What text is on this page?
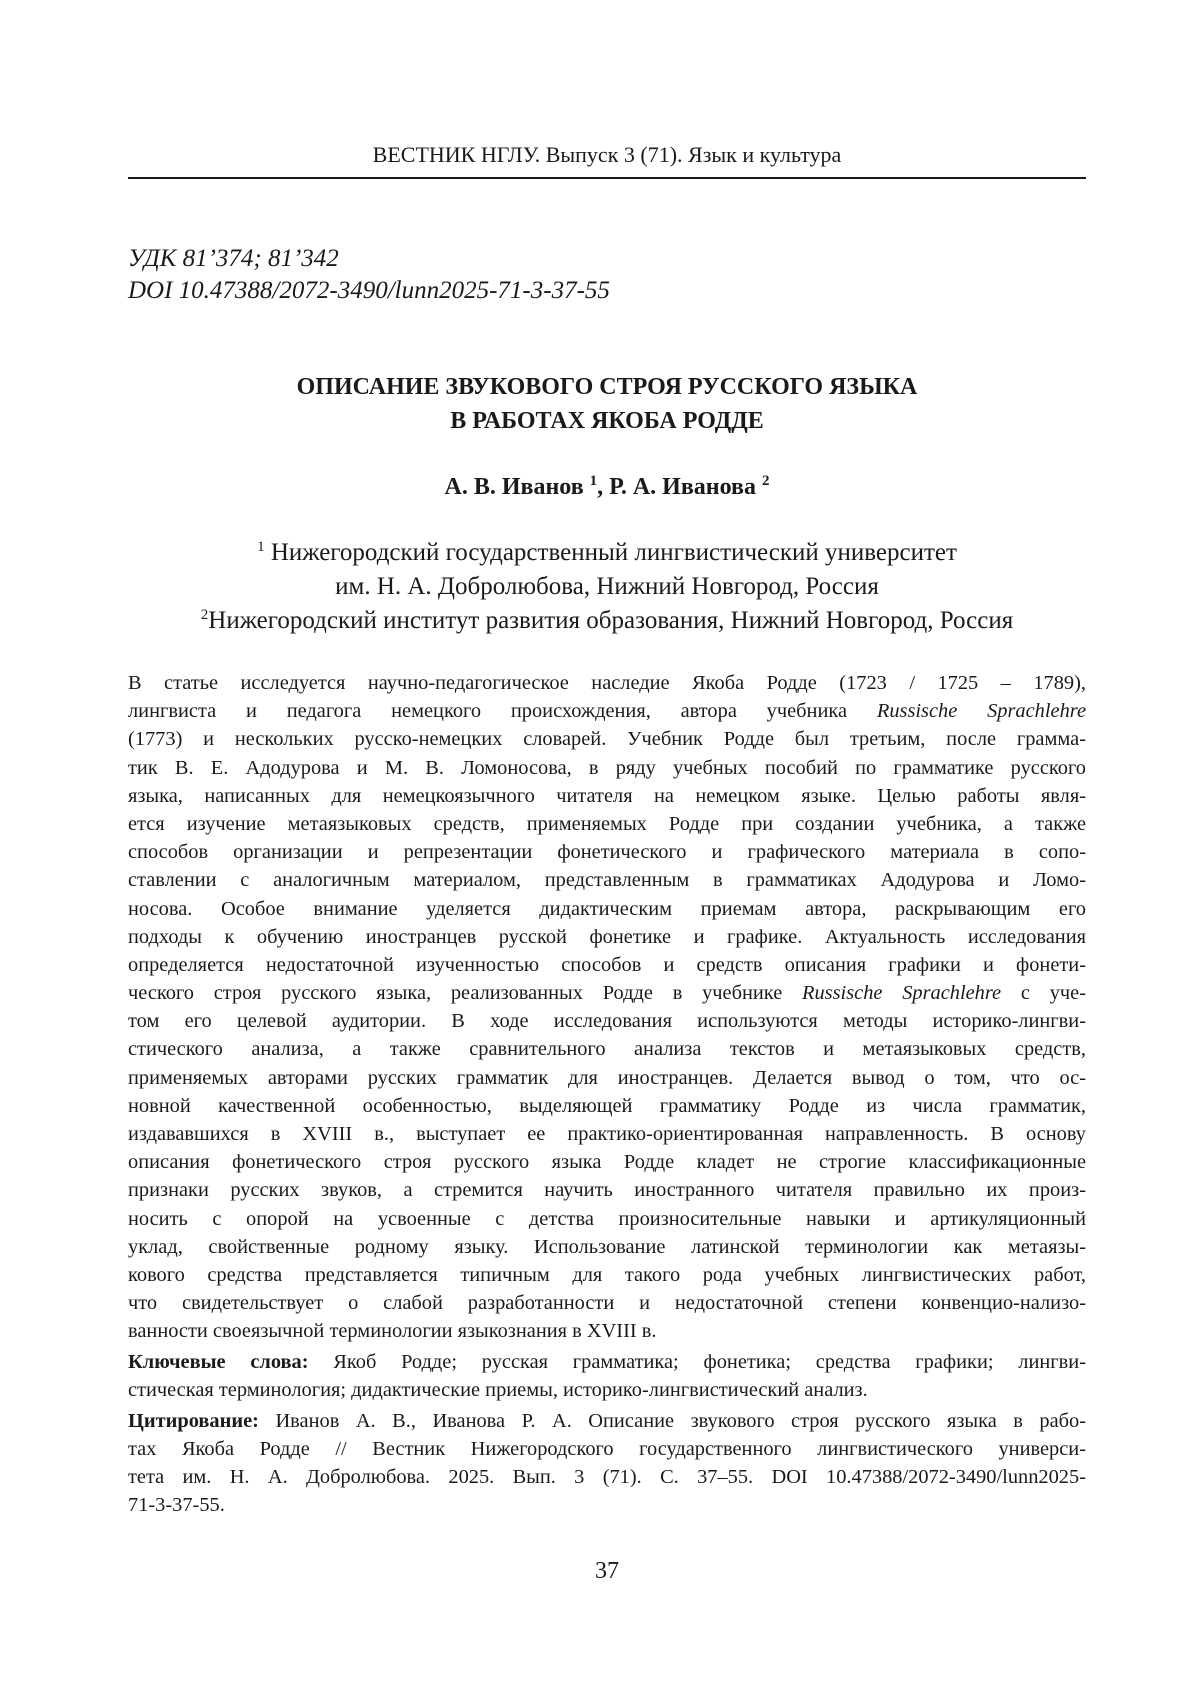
ВЕСТНИК НГЛУ. Выпуск 3 (71). Язык и культура
УДК 81’374; 81’342
DOI 10.47388/2072-3490/lunn2025-71-3-37-55
ОПИСАНИЕ ЗВУКОВОГО СТРОЯ РУССКОГО ЯЗЫКА
В РАБОТАХ ЯКОБА РОДДЕ
А. В. Иванов $^1$, Р. А. Иванова $^2$
$^1$ Нижегородский государственный лингвистический университет
им. Н. А. Добролюбова, Нижний Новгород, Россия
$^2$Нижегородский институт развития образования, Нижний Новгород, Россия
В статье исследуется научно-педагогическое наследие Якоба Родде (1723 / 1725 – 1789),
лингвиста и педагога немецкого происхождения, автора учебника Russische Sprachlehre
(1773) и нескольких русско-немецких словарей. Учебник Родде был третьим, после грамма-
тик В. Е. Адодурова и М. В. Ломоносова, в ряду учебных пособий по грамматике русского
языка, написанных для немецкоязычного читателя на немецком языке. Целью работы явля-
ется изучение метаязыковых средств, применяемых Родде при создании учебника, а также
способов организации и репрезентации фонетического и графического материала в сопо-
ставлении с аналогичным материалом, представленным в грамматиках Адодурова и Ломо-
носова. Особое внимание уделяется дидактическим приемам автора, раскрывающим его
подходы к обучению иностранцев русской фонетике и графике. Актуальность исследования
определяется недостаточной изученностью способов и средств описания графики и фонети-
ческого строя русского языка, реализованных Родде в учебнике Russische Sprachlehre с уче-
том его целевой аудитории. В ходе исследования используются методы историко-лингви-
стического анализа, а также сравнительного анализа текстов и метаязыковых средств,
применяемых авторами русских грамматик для иностранцев. Делается вывод о том, что ос-
новной качественной особенностью, выделяющей грамматику Родде из числа грамматик,
издававшихся в XVIII в., выступает ее практико-ориентированная направленность. В основу
описания фонетического строя русского языка Родде кладет не строгие классификационные
признаки русских звуков, а стремится научить иностранного читателя правильно их произ-
носить с опорой на усвоенные с детства произносительные навыки и артикуляционный
уклад, свойственные родному языку. Использование латинской терминологии как метаязы-
кового средства представляется типичным для такого рода учебных лингвистических работ,
что свидетельствует о слабой разработанности и недостаточной степени конвенцио-нализо-
ванности своеязычной терминологии языкознания в XVIII в.
Ключевые слова: Якоб Родде; русская грамматика; фонетика; средства графики; лингви-
стическая терминология; дидактические приемы, историко-лингвистический анализ.
Цитирование: Иванов А. В., Иванова Р. А. Описание звукового строя русского языка в рабо-
тах Якоба Родде // Вестник Нижегородского государственного лингвистического универси-
тета им. Н. А. Добролюбова. 2025. Вып. 3 (71). С. 37–55. DOI 10.47388/2072-3490/lunn2025-
71-3-37-55.
37
